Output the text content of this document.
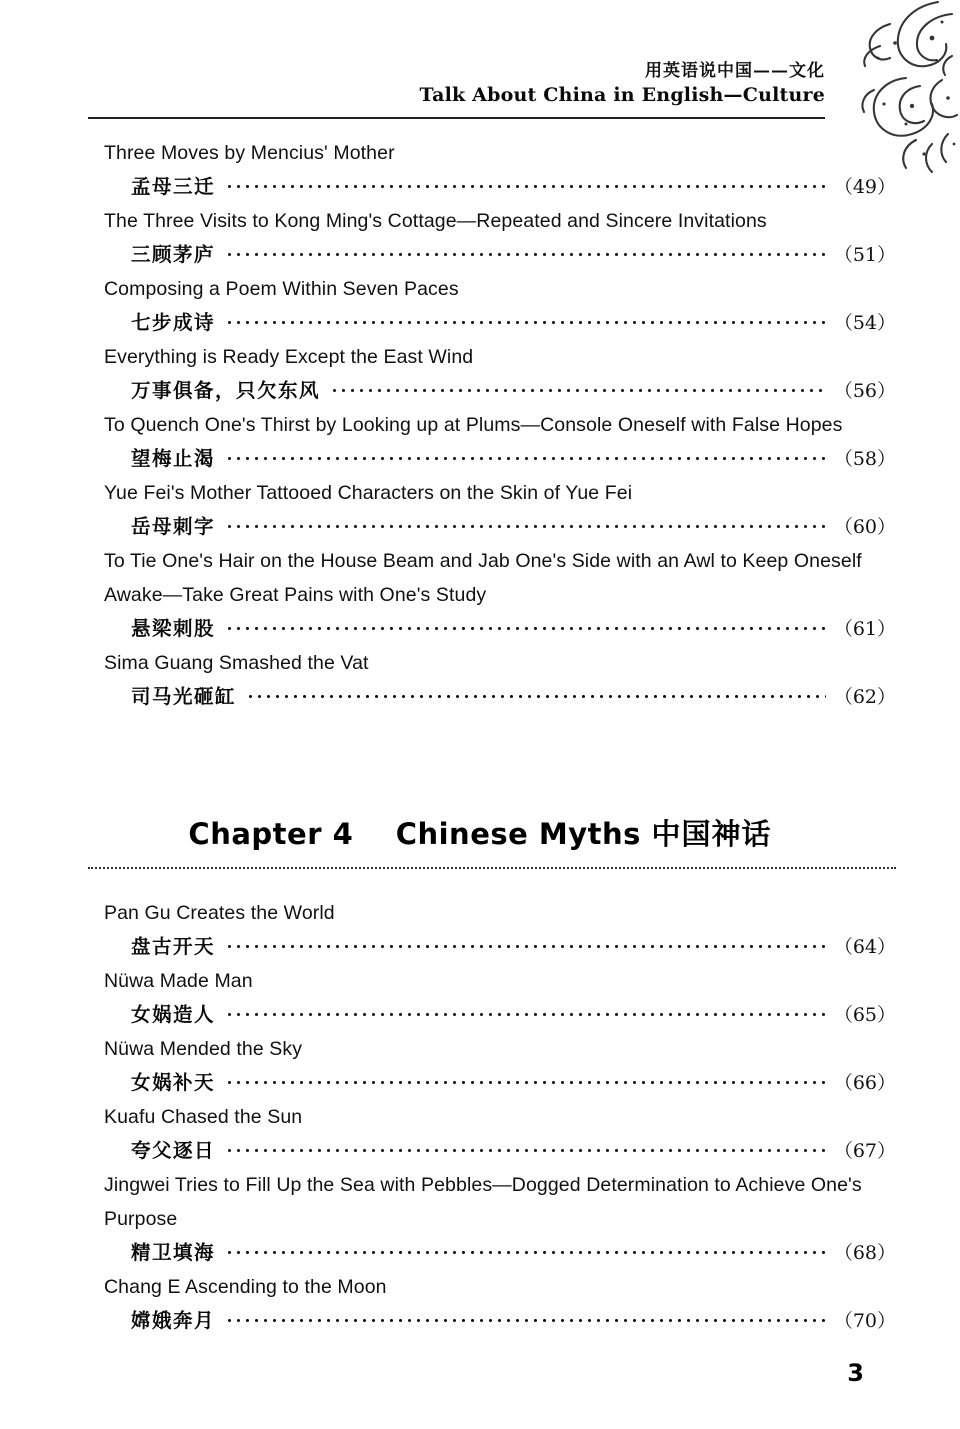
用英语说中国——文化
Talk About China in English—Culture
Three Moves by Mencius' Mother
孟母三迁	（49）
The Three Visits to Kong Ming's Cottage—Repeated and Sincere Invitations
三顾茅庐	（51）
Composing a Poem Within Seven Paces
七步成诗	（54）
Everything is Ready Except the East Wind
万事俱备，只欠东风	（56）
To Quench One's Thirst by Looking up at Plums—Console Oneself with False Hopes
望梅止渴	（58）
Yue Fei's Mother Tattooed Characters on the Skin of Yue Fei
岳母刺字	（60）
To Tie One's Hair on the House Beam and Jab One's Side with an Awl to Keep Oneself Awake—Take Great Pains with One's Study
悬梁刺股	（61）
Sima Guang Smashed the Vat
司马光砸缸	（62）
Chapter 4 Chinese Myths 中国神话
Pan Gu Creates the World
盘古开天	（64）
Nüwa Made Man
女娲造人	（65）
Nüwa Mended the Sky
女娲补天	（66）
Kuafu Chased the Sun
夸父逐日	（67）
Jingwei Tries to Fill Up the Sea with Pebbles—Dogged Determination to Achieve One's Purpose
精卫填海	（68）
Chang E Ascending to the Moon
嫦娥奔月	（70）
3
